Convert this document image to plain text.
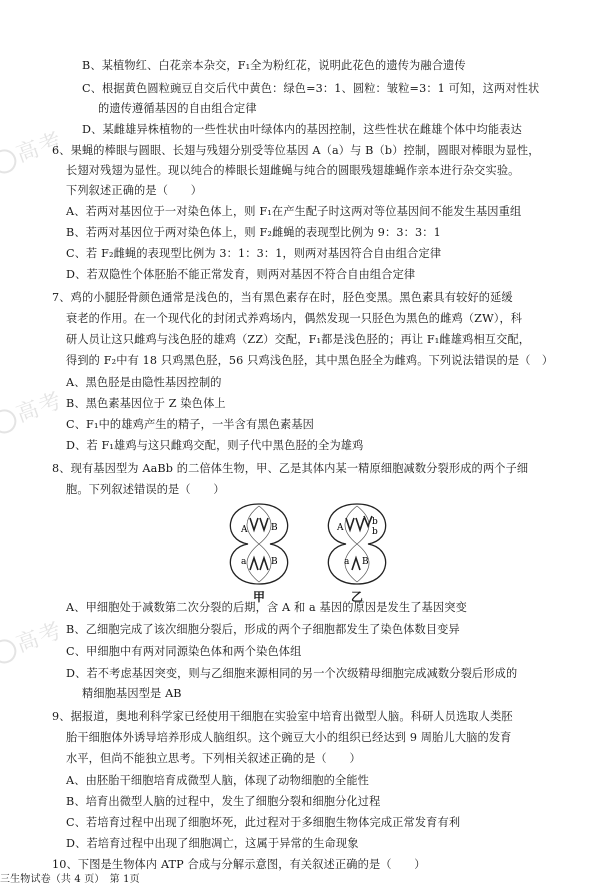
高考
高考
高考
B、某植物红、白花亲本杂交，F₁全为粉红花，说明此花色的遗传为融合遗传
C、根据黄色圆粒豌豆自交后代中黄色：绿色=3：1、圆粒：皱粒=3：1 可知，这两对性状
的遗传遵循基因的自由组合定律
D、某雌雄异株植物的一些性状由叶绿体内的基因控制，这些性状在雌雄个体中均能表达
6、果蝇的棒眼与圆眼、长翅与残翅分别受等位基因 A（a）与 B（b）控制，圆眼对棒眼为显性，
长翅对残翅为显性。现以纯合的棒眼长翅雌蝇与纯合的圆眼残翅雄蝇作亲本进行杂交实验。
下列叙述正确的是（　　）
A、若两对基因位于一对染色体上，则 F₁在产生配子时这两对等位基因间不能发生基因重组
B、若两对基因位于两对染色体上，则 F₂雌蝇的表现型比例为 9：3：3：1
C、若 F₂雌蝇的表现型比例为 3：1：3：1，则两对基因符合自由组合定律
D、若双隐性个体胚胎不能正常发育，则两对基因不符合自由组合定律
7、鸡的小腿胫骨颜色通常是浅色的，当有黑色素存在时，胫色变黑。黑色素具有较好的延缓
衰老的作用。在一个现代化的封闭式养鸡场内，偶然发现一只胫色为黑色的雌鸡（ZW），科
研人员让这只雌鸡与浅色胫的雄鸡（ZZ）交配，F₁都是浅色胫的；再让 F₁雌雄鸡相互交配，
得到的 F₂中有 18 只鸡黑色胫，56 只鸡浅色胫，其中黑色胫全为雌鸡。下列说法错误的是（　）
A、黑色胫是由隐性基因控制的
B、黑色素基因位于 Z 染色体上
C、F₁中的雄鸡产生的精子，一半含有黑色素基因
D、若 F₁雄鸡与这只雌鸡交配，则子代中黑色胫的全为雄鸡
8、现有基因型为 AaBb 的二倍体生物，甲、乙是其体内某一精原细胞减数分裂形成的两个子细
胞。下列叙述错误的是（　　）
A、甲细胞处于减数第二次分裂的后期，含 A 和 a 基因的原因是发生了基因突变
B、乙细胞完成了该次细胞分裂后，形成的两个子细胞都发生了染色体数目变异
C、甲细胞中有两对同源染色体和两个染色体组
D、若不考虑基因突变，则与乙细胞来源相同的另一个次级精母细胞完成减数分裂后形成的
精细胞基因型是 AB
9、据报道，奥地利科学家已经使用干细胞在实验室中培育出微型人脑。科研人员选取人类胚
胎干细胞体外诱导培养形成人脑组织。这个豌豆大小的组织已经达到 9 周胎儿大脑的发育
水平，但尚不能独立思考。下列相关叙述正确的是（　　）
A、由胚胎干细胞培育成微型人脑，体现了动物细胞的全能性
B、培育出微型人脑的过程中，发生了细胞分裂和细胞分化过程
C、若培育过程中出现了细胞坏死，此过程对于多细胞生物体完成正常发育有利
D、若培育过程中出现了细胞凋亡，这属于异常的生命现象
10、下图是生物体内 ATP 合成与分解示意图，有关叙述正确的是（　　）
A	B
a	B
A
b
b
a B
甲	乙
三生物试卷（共 4 页）　第 1页
